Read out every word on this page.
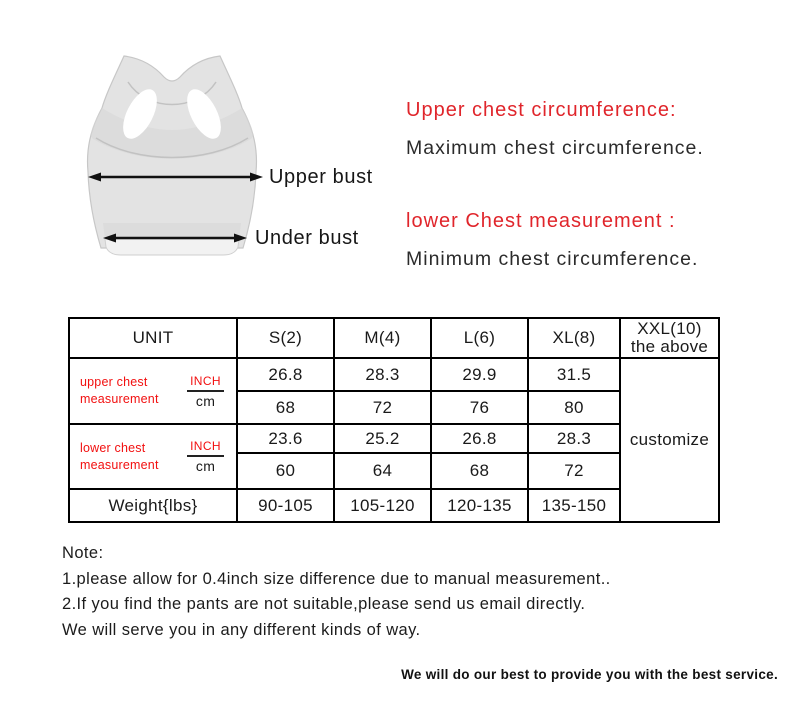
Upper bust
Under bust
Upper chest circumference:
Maximum chest circumference.
lower Chest measurement :
Minimum chest circumference.
UNIT	S(2)	M(4)	L(6)	XL(8)	XXL(10)
the above

upper chest
measurement $\frac{\text{INCH}}{cm}$	26.8	28.3	29.9	31.5	customize
	68	72	76	80	

lower chest
measurement $\frac{\text{INCH}}{cm}$	23.6	25.2	26.8	28.3	
	60	64	68	72	
Weight{lbs}	90-105	105-120	120-135	135-150	
Note:
1.please allow for 0.4inch size difference due to manual measurement..
2.If you find the pants are not suitable,please send us email directly.
We will serve you in any different kinds of way.
We will do our best to provide you with the best service.
